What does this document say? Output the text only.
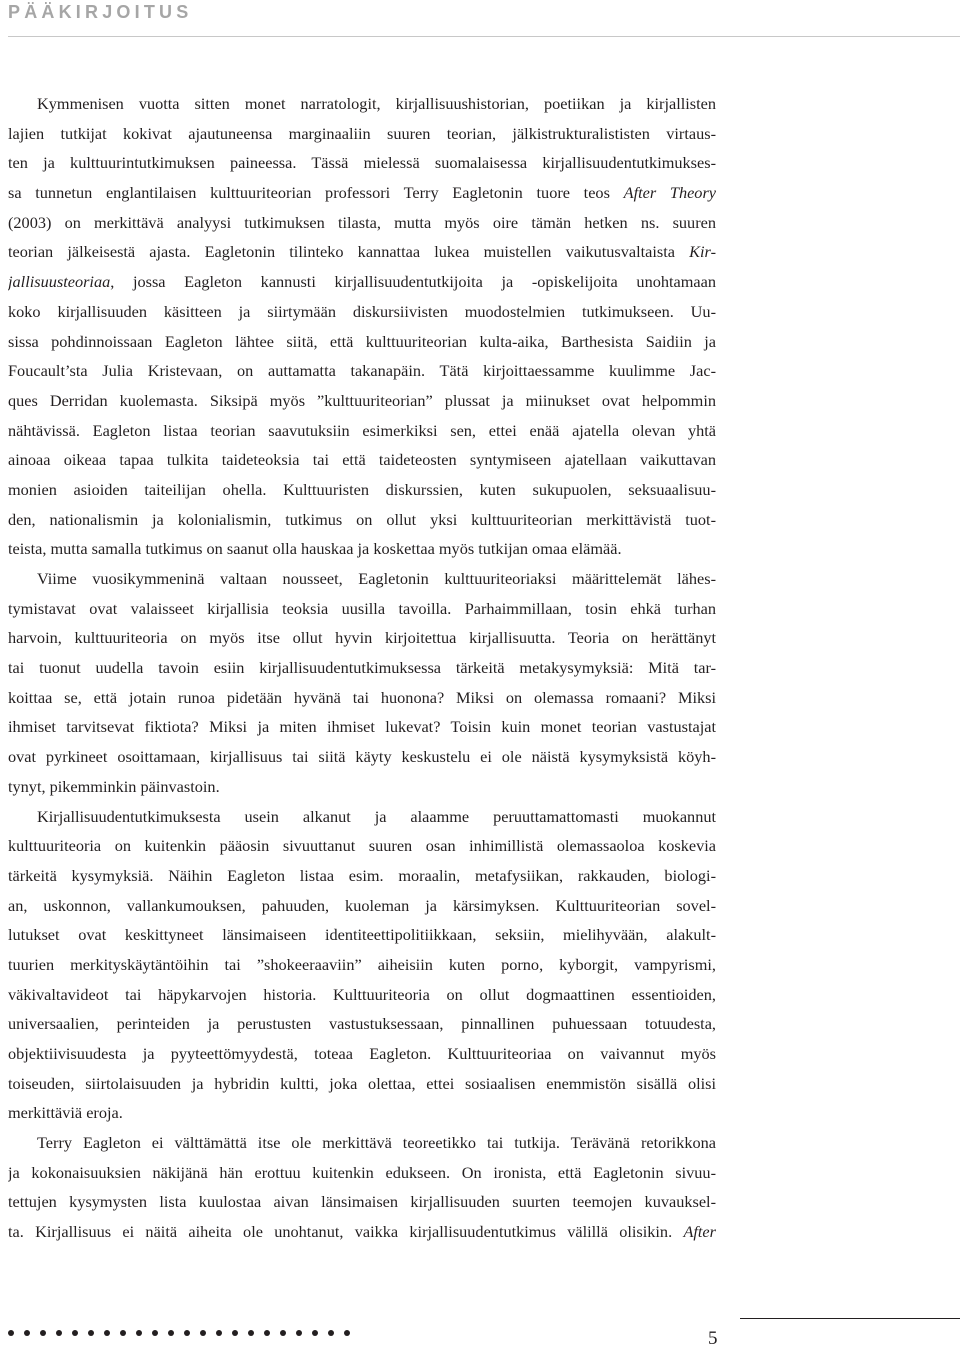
PÄÄKIRJOITUS
Kymmenisen vuotta sitten monet narratologit, kirjallisuushistorian, poetiikan ja kirjallisten
lajien tutkijat kokivat ajautuneensa marginaaliin suuren teorian, jälkistrukturalististen virtaus-
ten ja kulttuurintutkimuksen paineessa. Tässä mielessä suomalaisessa kirjallisuudentutkimukses-
sa tunnetun englantilaisen kulttuuriteorian professori Terry Eagletonin tuore teos After Theory
(2003) on merkittävä analyysi tutkimuksen tilasta, mutta myös oire tämän hetken ns. suuren
teorian jälkeisestä ajasta. Eagletonin tilinteko kannattaa lukea muistellen vaikutusvaltaista Kir-
jallisuusteoriaa, jossa Eagleton kannusti kirjallisuudentutkijoita ja -opiskelijoita unohtamaan
koko kirjallisuuden käsitteen ja siirtymään diskursiivisten muodostelmien tutkimukseen. Uu-
sissa pohdinnoissaan Eagleton lähtee siitä, että kulttuuriteorian kulta-aika, Barthesista Saidiin ja
Foucault’sta Julia Kristevaan, on auttamatta takanapäin. Tätä kirjoittaessamme kuulimme Jac-
ques Derridan kuolemasta. Siksipä myös ”kulttuuriteorian” plussat ja miinukset ovat helpommin
nähtävissä. Eagleton listaa teorian saavutuksiin esimerkiksi sen, ettei enää ajatella olevan yhtä
ainoaa oikeaa tapaa tulkita taideteoksia tai että taideteosten syntymiseen ajatellaan vaikuttavan
monien asioiden taiteilijan ohella. Kulttuuristen diskurssien, kuten sukupuolen, seksuaalisuu-
den, nationalismin ja kolonialismin, tutkimus on ollut yksi kulttuuriteorian merkittävistä tuot-
teista, mutta samalla tutkimus on saanut olla hauskaa ja koskettaa myös tutkijan omaa elämää.
Viime vuosikymmeninä valtaan nousseet, Eagletonin kulttuuriteoriaksi määrittelemät lähes-
tymistavat ovat valaisseet kirjallisia teoksia uusilla tavoilla. Parhaimmillaan, tosin ehkä turhan
harvoin, kulttuuriteoria on myös itse ollut hyvin kirjoitettua kirjallisuutta. Teoria on herättänyt
tai tuonut uudella tavoin esiin kirjallisuudentutkimuksessa tärkeitä metakysymyksiä: Mitä tar-
koittaa se, että jotain runoa pidetään hyvänä tai huonona? Miksi on olemassa romaani? Miksi
ihmiset tarvitsevat fiktiota? Miksi ja miten ihmiset lukevat? Toisin kuin monet teorian vastustajat
ovat pyrkineet osoittamaan, kirjallisuus tai siitä käyty keskustelu ei ole näistä kysymyksistä köyh-
tynyt, pikemminkin päinvastoin.
Kirjallisuudentutkimuksesta usein alkanut ja alaamme peruuttamattomasti muokannut
kulttuuriteoria on kuitenkin pääosin sivuuttanut suuren osan inhimillistä olemassaoloa koskevia
tärkeitä kysymyksiä. Näihin Eagleton listaa esim. moraalin, metafysiikan, rakkauden, biologi-
an, uskonnon, vallankumouksen, pahuuden, kuoleman ja kärsimyksen. Kulttuuriteorian sovel-
lutukset ovat keskittyneet länsimaiseen identiteettipolitiikkaan, seksiin, mielihyvään, alakult-
tuurien merkityskäytäntöihin tai ”shokeeraaviin” aiheisiin kuten porno, kyborgit, vampyrismi,
väkivaltavideot tai häpykarvojen historia. Kulttuuriteoria on ollut dogmaattinen essentioiden,
universaalien, perinteiden ja perustusten vastustuksessaan, pinnallinen puhuessaan totuudesta,
objektiivisuudesta ja pyyteettömyydestä, toteaa Eagleton. Kulttuuriteoriaa on vaivannut myös
toiseuden, siirtolaisuuden ja hybridin kultti, joka olettaa, ettei sosiaalisen enemmistön sisällä olisi
merkittäviä eroja.
Terry Eagleton ei välttämättä itse ole merkittävä teoreetikko tai tutkija. Terävänä retorikkona
ja kokonaisuuksien näkijänä hän erottuu kuitenkin edukseen. On ironista, että Eagletonin sivuu-
tettujen kysymysten lista kuulostaa aivan länsimaisen kirjallisuuden suurten teemojen kuvauksel-
ta. Kirjallisuus ei näitä aiheita ole unohtanut, vaikka kirjallisuudentutkimus välillä olisikin. After
5
